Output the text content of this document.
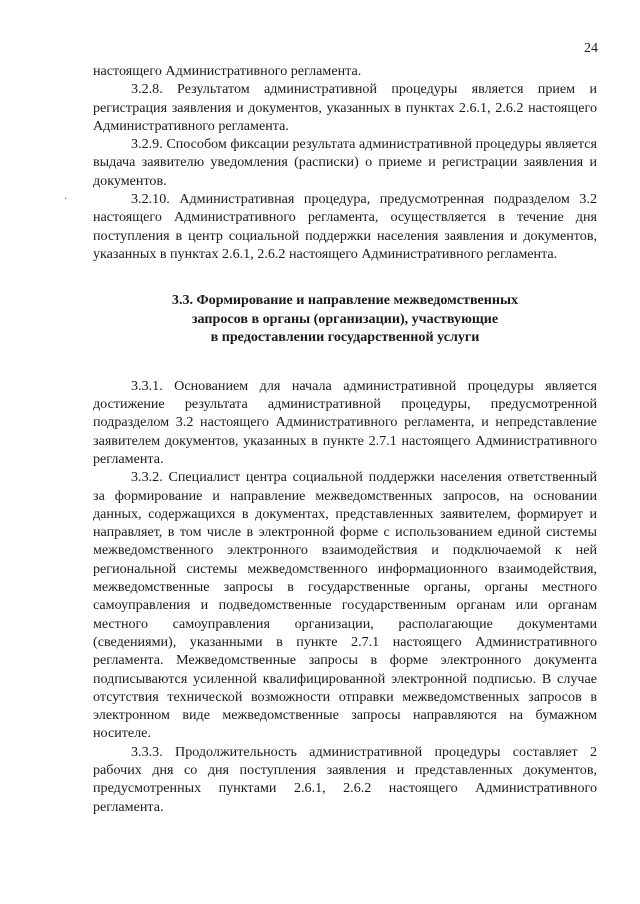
24
·

настоящего Административного регламента.

3.2.8. Результатом административной процедуры является прием и регистрация заявления и документов, указанных в пунктах 2.6.1, 2.6.2 настоящего Административного регламента.

3.2.9. Способом фиксации результата административной процедуры является выдача заявителю уведомления (расписки) о приеме и регистрации заявления и документов.

3.2.10. Административная процедура, предусмотренная подразделом 3.2 настоящего Административного регламента, осуществляется в течение дня поступления в центр социальной поддержки населения заявления и документов, указанных в пунктах 2.6.1, 2.6.2 настоящего Административного регламента.

3.3. Формирование и направление межведомственных
запросов в органы (организации), участвующие
в предоставлении государственной услуги

3.3.1. Основанием для начала административной процедуры является достижение результата административной процедуры, предусмотренной подразделом 3.2 настоящего Административного регламента, и непредставление заявителем документов, указанных в пункте 2.7.1 настоящего Административного регламента.

3.3.2. Специалист центра социальной поддержки населения ответственный за формирование и направление межведомственных запросов, на основании данных, содержащихся в документах, представленных заявителем, формирует и направляет, в том числе в электронной форме с использованием единой системы межведомственного электронного взаимодействия и подключаемой к ней региональной системы межведомственного информационного взаимодействия, межведомственные запросы в государственные органы, органы местного самоуправления и подведомственные государственным органам или органам местного самоуправления организации, располагающие документами (сведениями), указанными в пункте 2.7.1 настоящего Административного регламента. Межведомственные запросы в форме электронного документа подписываются усиленной квалифицированной электронной подписью. В случае отсутствия технической возможности отправки межведомственных запросов в электронном виде межведомственные запросы направляются на бумажном носителе.

3.3.3. Продолжительность административной процедуры составляет 2 рабочих дня со дня поступления заявления и представленных документов, предусмотренных пунктами 2.6.1, 2.6.2 настоящего Административного регламента.
